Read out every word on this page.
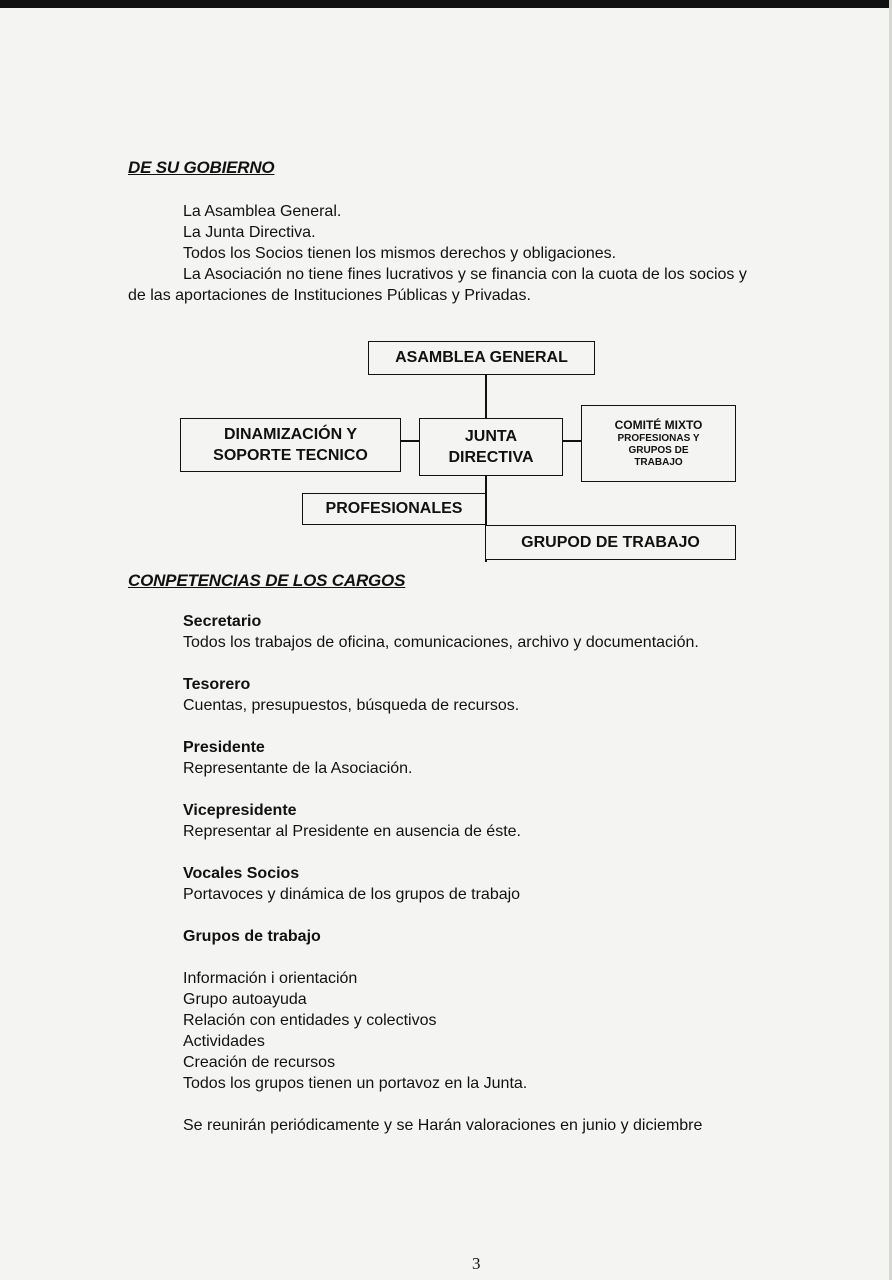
DE SU GOBIERNO
La Asamblea General.
La Junta Directiva.
Todos los Socios tienen los mismos derechos y obligaciones.
La Asociación no tiene fines lucrativos y se financia con la cuota de los socios y
de las aportaciones de Instituciones Públicas y Privadas.
ASAMBLEA GENERAL
DINAMIZACIÓN Y
SOPORTE TECNICO
JUNTA
DIRECTIVA
COMITÉ MIXTO
PROFESIONAS Y
GRUPOS DE
TRABAJO
PROFESIONALES
GRUPOD DE TRABAJO
CONPETENCIAS DE LOS CARGOS
Secretario
Todos los trabajos de oficina, comunicaciones, archivo y documentación.
Tesorero
Cuentas, presupuestos, búsqueda de recursos.
Presidente
Representante de la Asociación.
Vicepresidente
Representar al Presidente en ausencia de éste.
Vocales Socios
Portavoces y dinámica de los grupos de trabajo
Grupos de trabajo
Información i orientación
Grupo autoayuda
Relación con entidades y colectivos
Actividades
Creación de recursos
Todos los grupos tienen un portavoz en la Junta.
Se reunirán periódicamente y se Harán valoraciones en junio y diciembre
3
